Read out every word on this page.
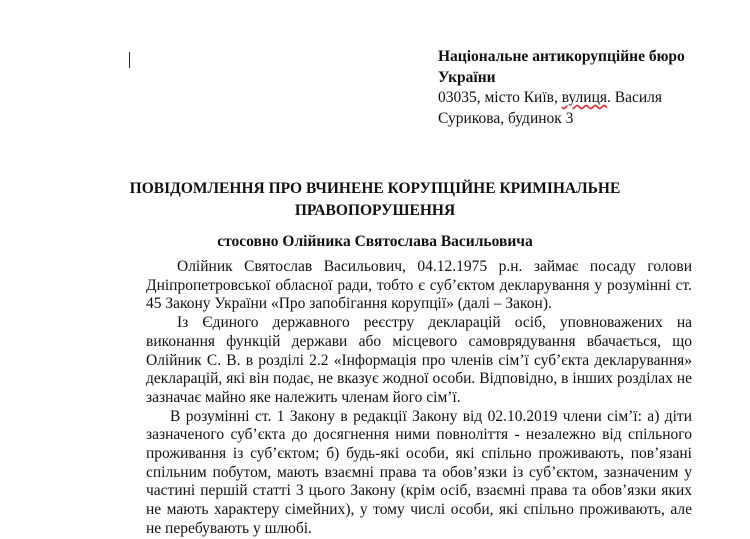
Національне антикорупційне бюро
України
03035, місто Київ, вулиця. Василя
Сурикова, будинок 3
ПОВІДОМЛЕННЯ ПРО ВЧИНЕНЕ КОРУПЦІЙНЕ КРИМІНАЛЬНЕ
ПРАВОПОРУШЕННЯ
стосовно Олійника Святослава Васильовича

Олійник Святослав Васильович, 04.12.1975 р.н. займає посаду голови Дніпропетровської обласної ради, тобто є суб’єктом декларування у розумінні ст. 45 Закону України «Про запобігання корупції» (далі – Закон).

Із Єдиного державного реєстру декларацій осіб, уповноважених на виконання функцій держави або місцевого самоврядування вбачається, що Олійник С. В. в розділі 2.2 «Інформація про членів сім’ї суб’єкта декларування» декларацій, які він подає, не вказує жодної особи. Відповідно, в інших розділах не зазначає майно яке належить членам його сім’ї.

В розумінні ст. 1 Закону в редакції Закону від 02.10.2019 члени сім’ї: а) діти зазначеного суб’єкта до досягнення ними повноліття - незалежно від спільного проживання із суб’єктом; б) будь-які особи, які спільно проживають, пов’язані спільним побутом, мають взаємні права та обов’язки із суб’єктом, зазначеним у частині першій статті 3 цього Закону (крім осіб, взаємні права та обов’язки яких не мають характеру сімейних), у тому числі особи, які спільно проживають, але не перебувають у шлюбі.
